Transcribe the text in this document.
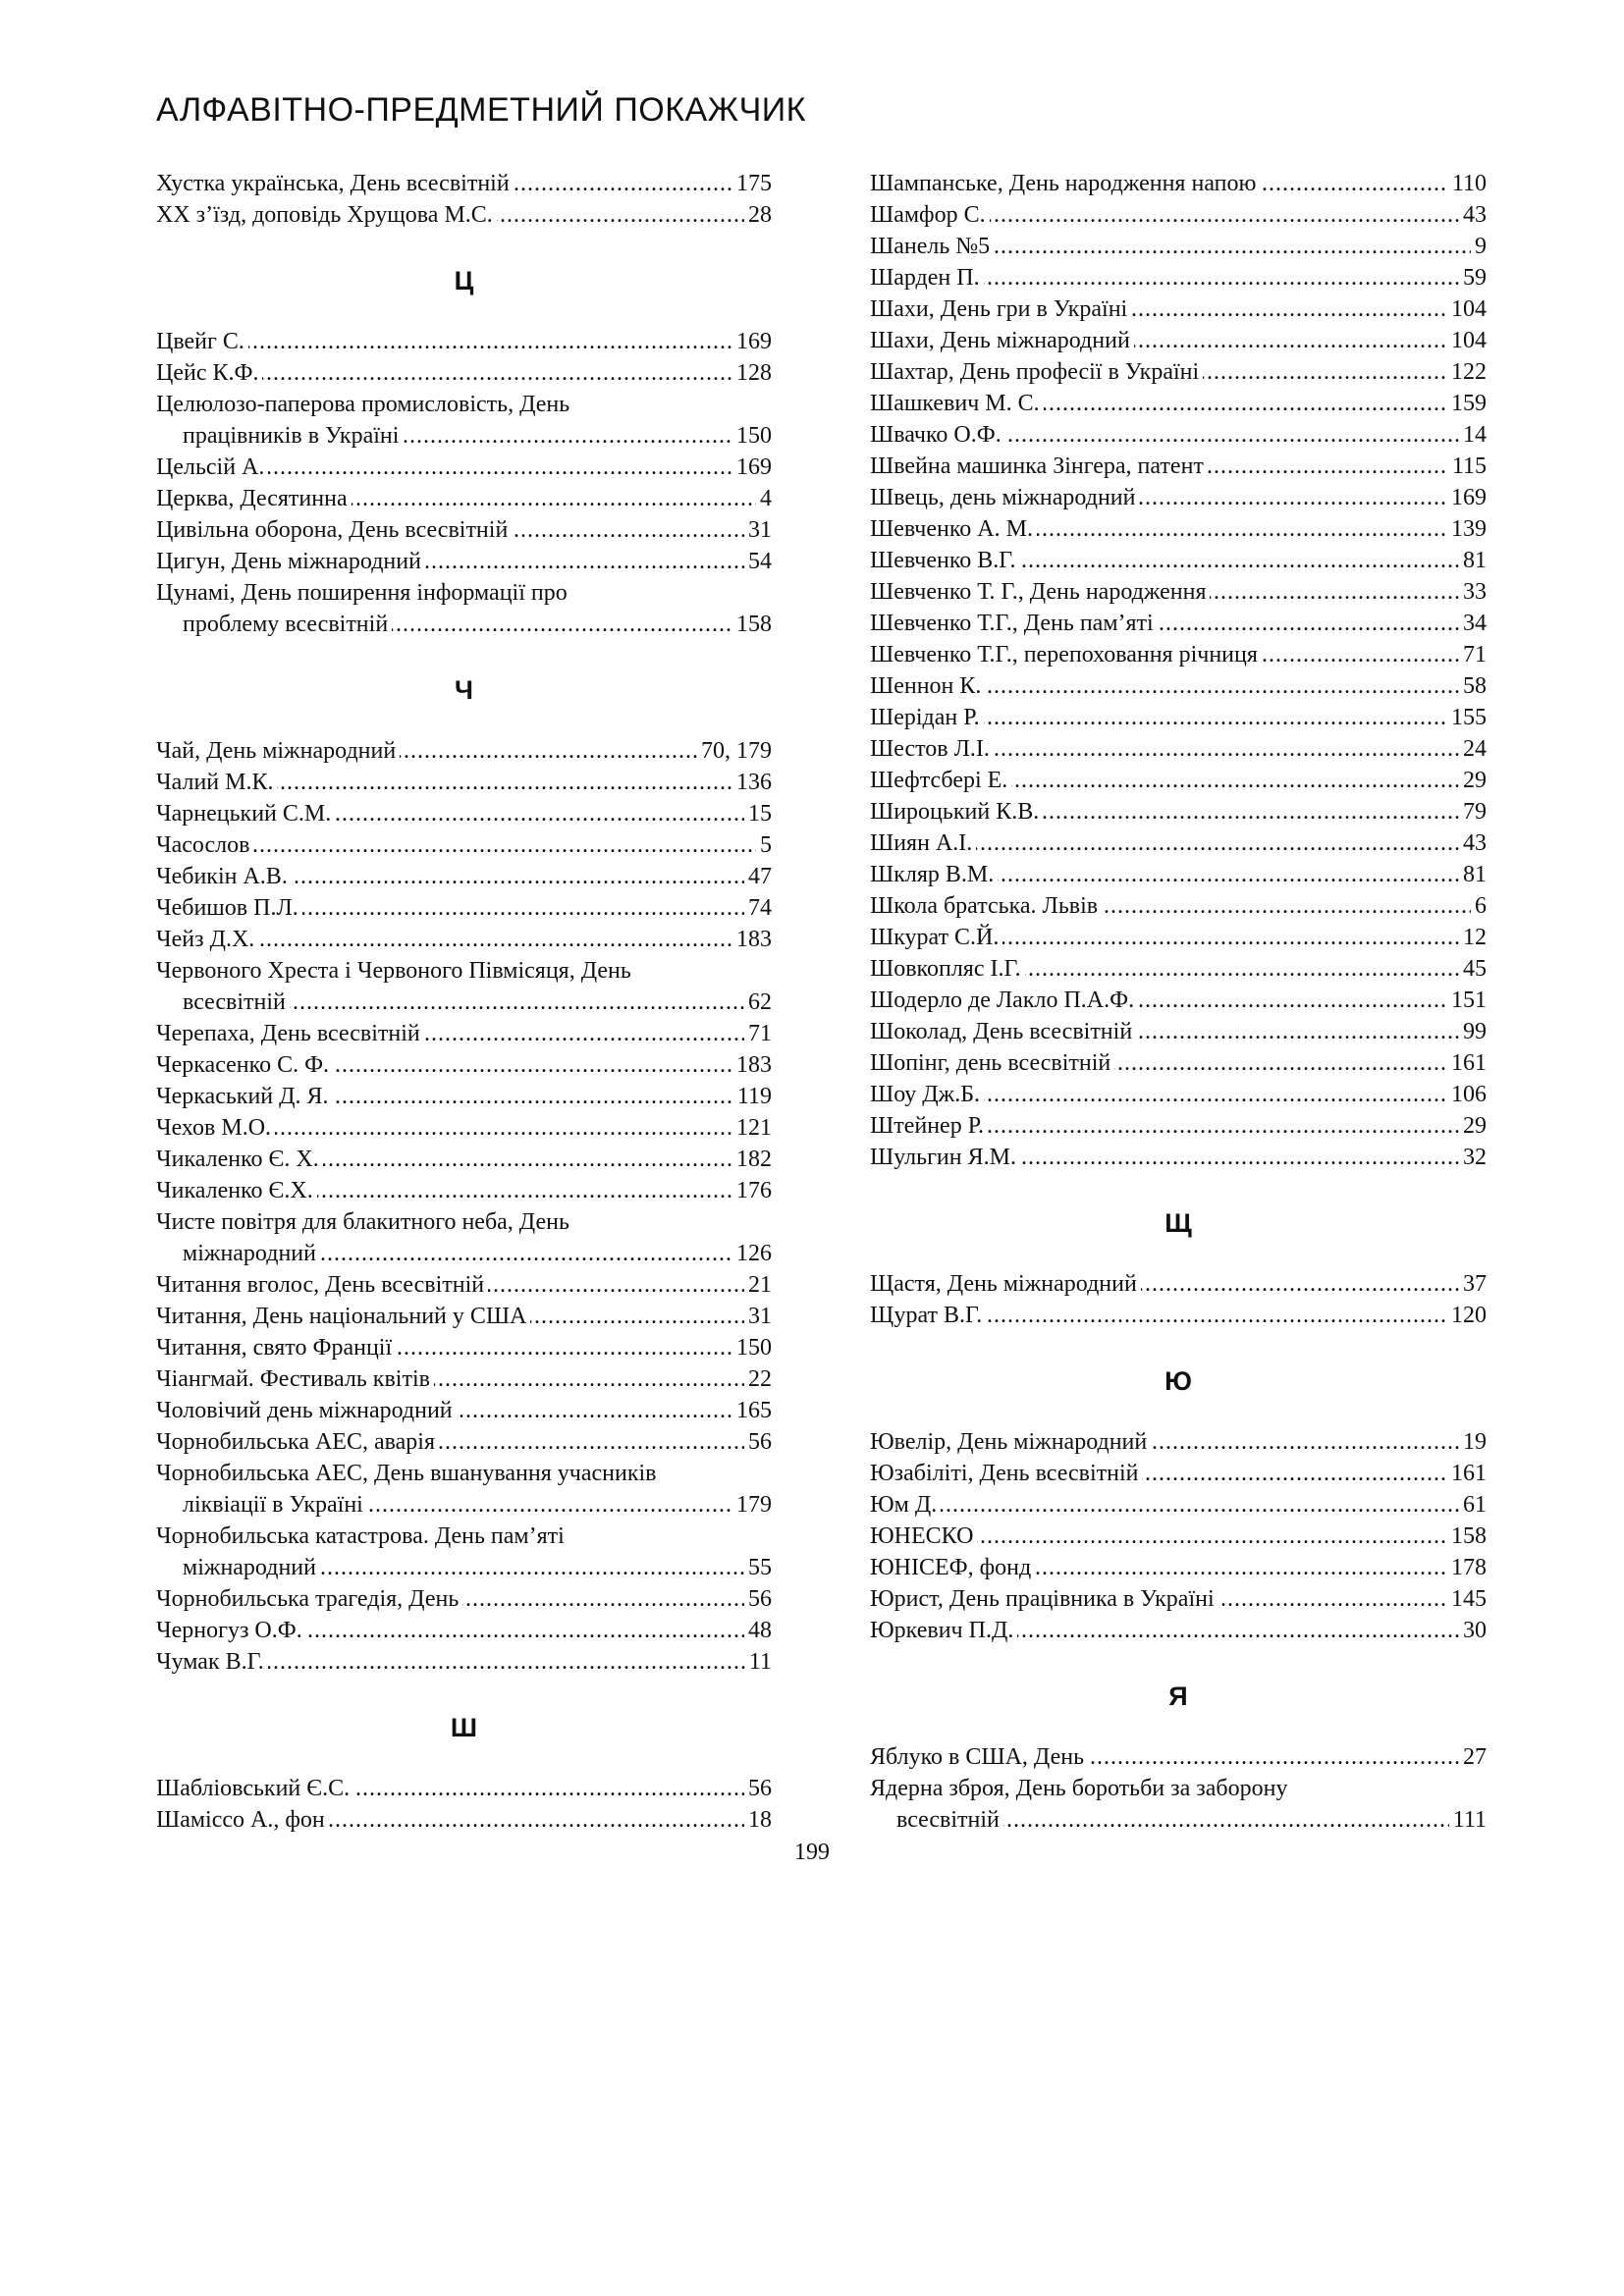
АЛФАВІТНО-ПРЕДМЕТНИЙ ПОКАЖЧИК
.....
Хустка українська, День всесвітній	175
.....
ХХ з’їзд, доповідь Хрущова М.С.	28
Ц
.....
Цвейг С.	169
.....
Цейс К.Ф.	128
Целюлозо-паперова промисловість, День
.....
працівників в Україні	150
.....
Цельсій А.	169
.....
Церква, Десятинна	4
.....
Цивільна оборона, День всесвітній	31
.....
Цигун, День міжнародний	54
Цунамі, День поширення інформації про
.....
проблему всесвітній	158
Ч
.....
Чай, День міжнародний	70, 179
.....
Чалий М.К.	136
.....
Чарнецький С.М.	15
.....
Часослов	5
.....
Чебикін А.В.	47
.....
Чебишов П.Л.	74
.....
Чейз Д.Х.	183
Червоного Хреста і Червоного Півмісяця, День
.....
всесвітній	62
.....
Черепаха, День всесвітній	71
.....
Черкасенко С. Ф.	183
.....
Черкаський Д. Я.	119
.....
Чехов М.О.	121
.....
Чикаленко Є. Х.	182
.....
Чикаленко Є.Х.	176
Чисте повітря для блакитного неба, День
.....
міжнародний	126
.....
Читання вголос, День всесвітній	21
.....
Читання, День національний у США	31
.....
Читання, свято Франції	150
.....
Чіангмай. Фестиваль квітів	22
.....
Чоловічий день міжнародний	165
.....
Чорнобильська АЕС, аварія	56
Чорнобильська АЕС, День вшанування учасників
.....
ліквіації в Україні	179
Чорнобильська катастрова. День пам’яті
.....
міжнародний	55
.....
Чорнобильська трагедія, День	56
.....
Черногуз О.Ф.	48
.....
Чумак В.Г.	11
Ш
.....
Шабліовський Є.С.	56
.....
Шаміссо А., фон	18
.....
Шампанське, День народження напою	110
.....
Шамфор С.	43
.....
Шанель №5	9
.....
Шарден П.	59
.....
Шахи, День гри в Україні	104
.....
Шахи, День міжнародний	104
.....
Шахтар, День професії в Україні	122
.....
Шашкевич М. С.	159
.....
Швачко О.Ф.	14
.....
Швейна машинка Зінгера, патент	115
.....
Швець, день міжнародний	169
.....
Шевченко А. М.	139
.....
Шевченко В.Г.	81
.....
Шевченко Т. Г., День народження	33
.....
Шевченко Т.Г., День пам’яті	34
.....
Шевченко Т.Г., перепоховання річниця	71
.....
Шеннон К.	58
.....
Шерідан Р.	155
.....
Шестов Л.І.	24
.....
Шефтсбері Е.	29
.....
Широцький К.В.	79
.....
Шиян А.І.	43
.....
Шкляр В.М.	81
.....
Школа братська. Львів	6
.....
Шкурат С.Й.	12
.....
Шовкопляс І.Г.	45
.....
Шодерло де Лакло П.А.Ф.	151
.....
Шоколад, День всесвітній	99
.....
Шопінг, день всесвітній	161
.....
Шоу Дж.Б.	106
.....
Штейнер Р.	29
.....
Шульгин Я.М.	32
Щ
.....
Щастя, День міжнародний	37
.....
Щурат В.Г.	120
Ю
.....
Ювелір, День міжнародний	19
.....
Юзабіліті, День всесвітній	161
.....
Юм Д.	61
.....
ЮНЕСКО	158
.....
ЮНІСЕФ, фонд	178
.....
Юрист, День працівника в Україні	145
.....
Юркевич П.Д.	30
Я
.....
Яблуко в США, День	27
Ядерна зброя, День боротьби за заборону
.....
всесвітній	111
199
